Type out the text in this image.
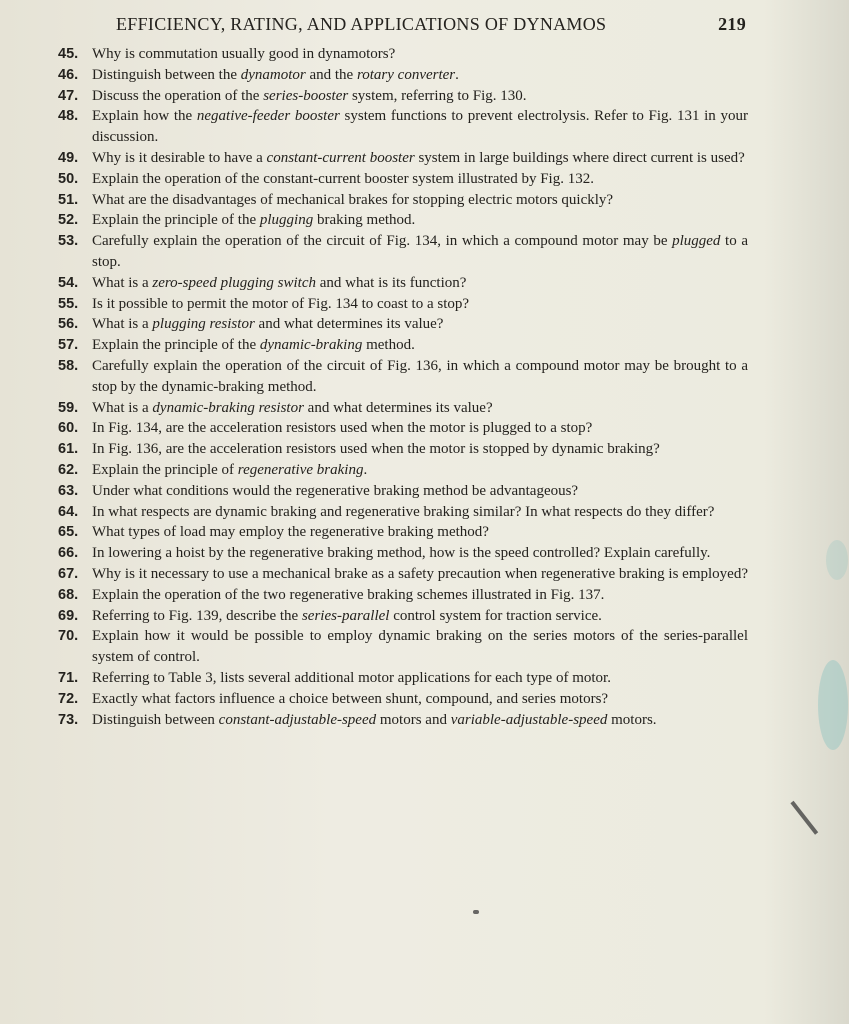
EFFICIENCY, RATING, AND APPLICATIONS OF DYNAMOS	219
45. Why is commutation usually good in dynamotors?
46. Distinguish between the dynamotor and the rotary converter.
47. Discuss the operation of the series-booster system, referring to Fig. 130.
48. Explain how the negative-feeder booster system functions to prevent electrolysis. Refer to Fig. 131 in your discussion.
49. Why is it desirable to have a constant-current booster system in large buildings where direct current is used?
50. Explain the operation of the constant-current booster system illustrated by Fig. 132.
51. What are the disadvantages of mechanical brakes for stopping electric motors quickly?
52. Explain the principle of the plugging braking method.
53. Carefully explain the operation of the circuit of Fig. 134, in which a compound motor may be plugged to a stop.
54. What is a zero-speed plugging switch and what is its function?
55. Is it possible to permit the motor of Fig. 134 to coast to a stop?
56. What is a plugging resistor and what determines its value?
57. Explain the principle of the dynamic-braking method.
58. Carefully explain the operation of the circuit of Fig. 136, in which a compound motor may be brought to a stop by the dynamic-braking method.
59. What is a dynamic-braking resistor and what determines its value?
60. In Fig. 134, are the acceleration resistors used when the motor is plugged to a stop?
61. In Fig. 136, are the acceleration resistors used when the motor is stopped by dynamic braking?
62. Explain the principle of regenerative braking.
63. Under what conditions would the regenerative braking method be advantageous?
64. In what respects are dynamic braking and regenerative braking similar? In what respects do they differ?
65. What types of load may employ the regenerative braking method?
66. In lowering a hoist by the regenerative braking method, how is the speed controlled? Explain carefully.
67. Why is it necessary to use a mechanical brake as a safety precaution when regenerative braking is employed?
68. Explain the operation of the two regenerative braking schemes illustrated in Fig. 137.
69. Referring to Fig. 139, describe the series-parallel control system for traction service.
70. Explain how it would be possible to employ dynamic braking on the series motors of the series-parallel system of control.
71. Referring to Table 3, lists several additional motor applications for each type of motor.
72. Exactly what factors influence a choice between shunt, compound, and series motors?
73. Distinguish between constant-adjustable-speed motors and variable-adjustable-speed motors.
